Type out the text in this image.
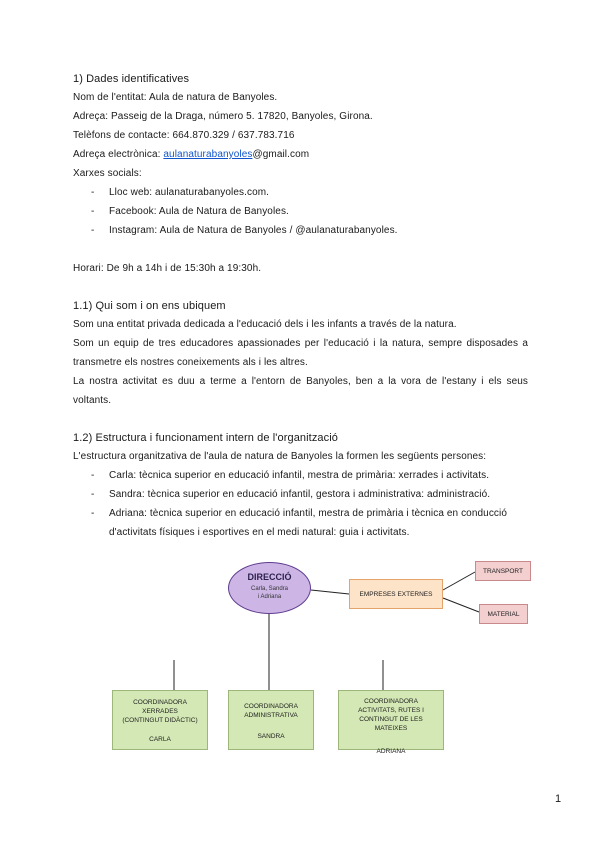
1) Dades identificatives
Nom de l'entitat: Aula de natura de Banyoles.
Adreça: Passeig de la Draga, número 5. 17820, Banyoles, Girona.
Telèfons de contacte: 664.870.329 / 637.783.716
Adreça electrònica: aulanaturabanyoles@gmail.com
Xarxes socials:
- Lloc web: aulanaturabanyoles.com.
- Facebook: Aula de Natura de Banyoles.
- Instagram: Aula de Natura de Banyoles / @aulanaturabanyoles.
Horari: De 9h a 14h i de 15:30h a 19:30h.
1.1) Qui som i on ens ubiquem
Som una entitat privada dedicada a l'educació dels i les infants a través de la natura.
Som un equip de tres educadores apassionades per l'educació i la natura, sempre disposades a
transmetre els nostres coneixements als i les altres.
La nostra activitat es duu a terme a l'entorn de Banyoles, ben a la vora de l'estany i els seus
voltants.
1.2) Estructura i funcionament intern de l'organització
L'estructura organitzativa de l'aula de natura de Banyoles la formen les següents persones:
- Carla: tècnica superior en educació infantil, mestra de primària: xerrades i activitats.
- Sandra: tècnica superior en educació infantil, gestora i administrativa: administració.
- Adriana: tècnica superior en educació infantil, mestra de primària i tècnica en conducció
d'activitats físiques i esportives en el medi natural: guia i activitats.
DIRECCIÓ
Carla, Sandra
i Adriana	EMPRESES EXTERNES
TRANSPORT
MATERIAL
COORDINADORA XERRADES (CONTINGUT DIDÀCTIC)
CARLA
COORDINADORA ADMINISTRATIVA
SANDRA
COORDINADORA ACTIVITATS, RUTES I CONTINGUT DE LES MATEIXES
ADRIANA
1
